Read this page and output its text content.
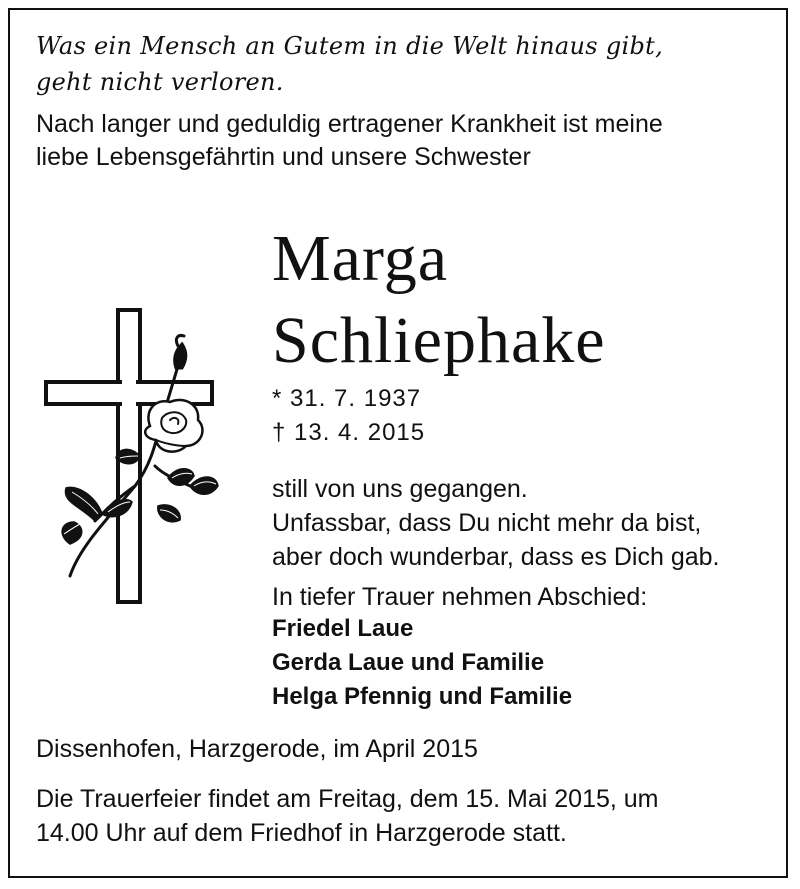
Was ein Mensch an Gutem in die Welt hinaus gibt,
geht nicht verloren.
Nach langer und geduldig ertragener Krankheit ist meine
liebe Lebensgefährtin und unsere Schwester
Marga
Schliephake
* 31. 7. 1937
† 13. 4. 2015
still von uns gegangen.
Unfassbar, dass Du nicht mehr da bist,
aber doch wunderbar, dass es Dich gab.
In tiefer Trauer nehmen Abschied:
Friedel Laue
Gerda Laue und Familie
Helga Pfennig und Familie
Dissenhofen, Harzgerode, im April 2015
Die Trauerfeier findet am Freitag, dem 15. Mai 2015, um
14.00 Uhr auf dem Friedhof in Harzgerode statt.
